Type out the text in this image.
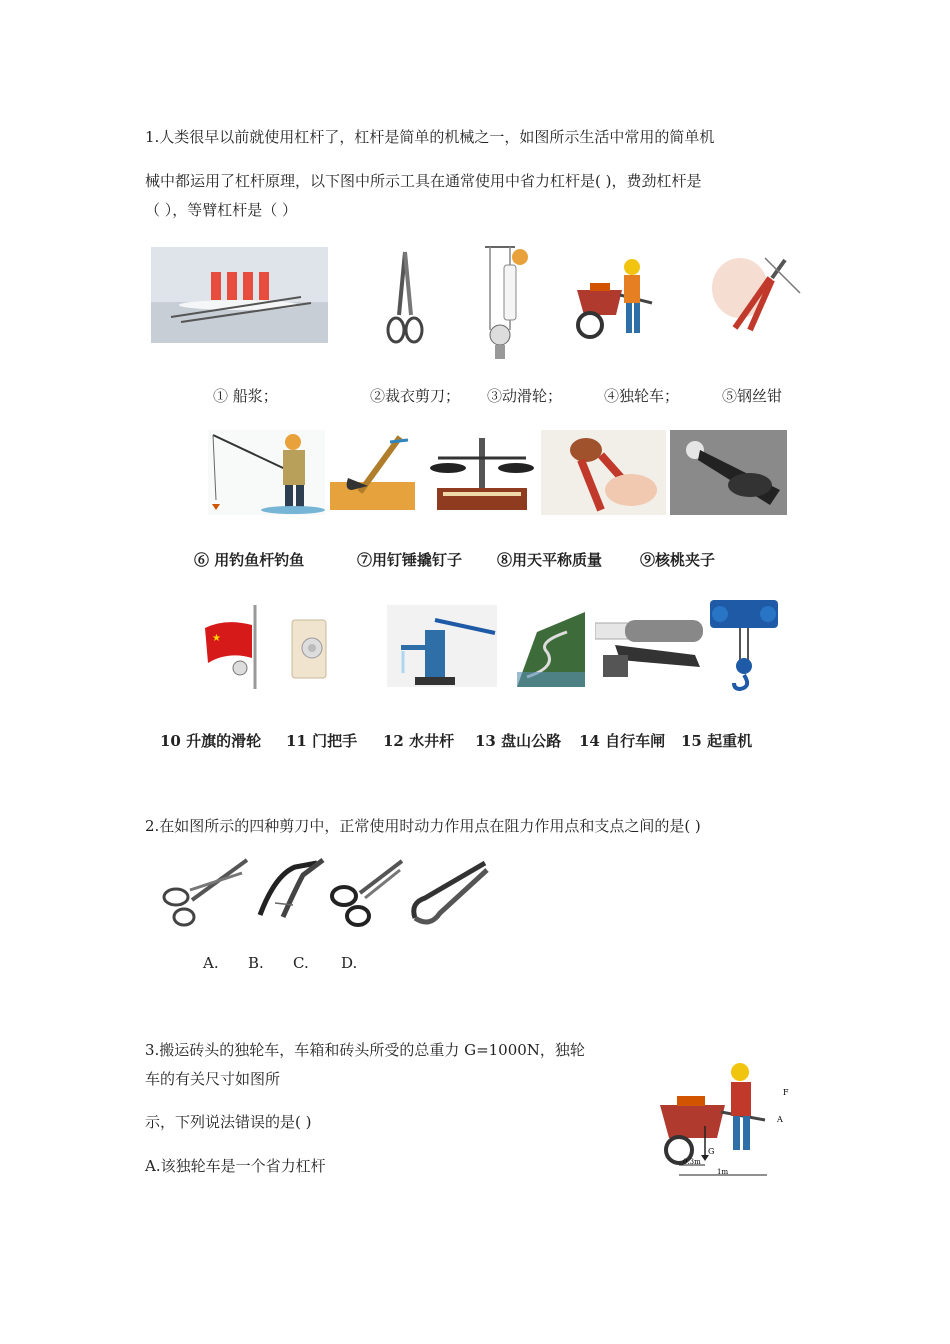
1.人类很早以前就使用杠杆了，杠杆是简单的机械之一，如图所示生活中常用的简单机
械中都运用了杠杆原理，以下图中所示工具在通常使用中省力杠杆是( )，费劲杠杆是
（ ），等臂杠杆是（ ）
① 船浆；	②裁衣剪刀； ③动滑轮；	④独轮车；	⑤钢丝钳
⑥ 用钓鱼杆钓鱼	⑦用钉锤撬钉子 ⑧用天平称质量	⑨核桃夹子
★
10 升旗的滑轮 11 门把手 12 水井杆 13 盘山公路 14 自行车闸 15 起重机
2.在如图所示的四种剪刀中，正常使用时动力作用点在阻力作用点和支点之间的是( )
A. B. C. D.
3.搬运砖头的独轮车，车箱和砖头所受的总重力 G=1000N，独轮
车的有关尺寸如图所
示，下列说法错误的是( )
A.该独轮车是一个省力杠杆
G
F
A
0.3m
1m
